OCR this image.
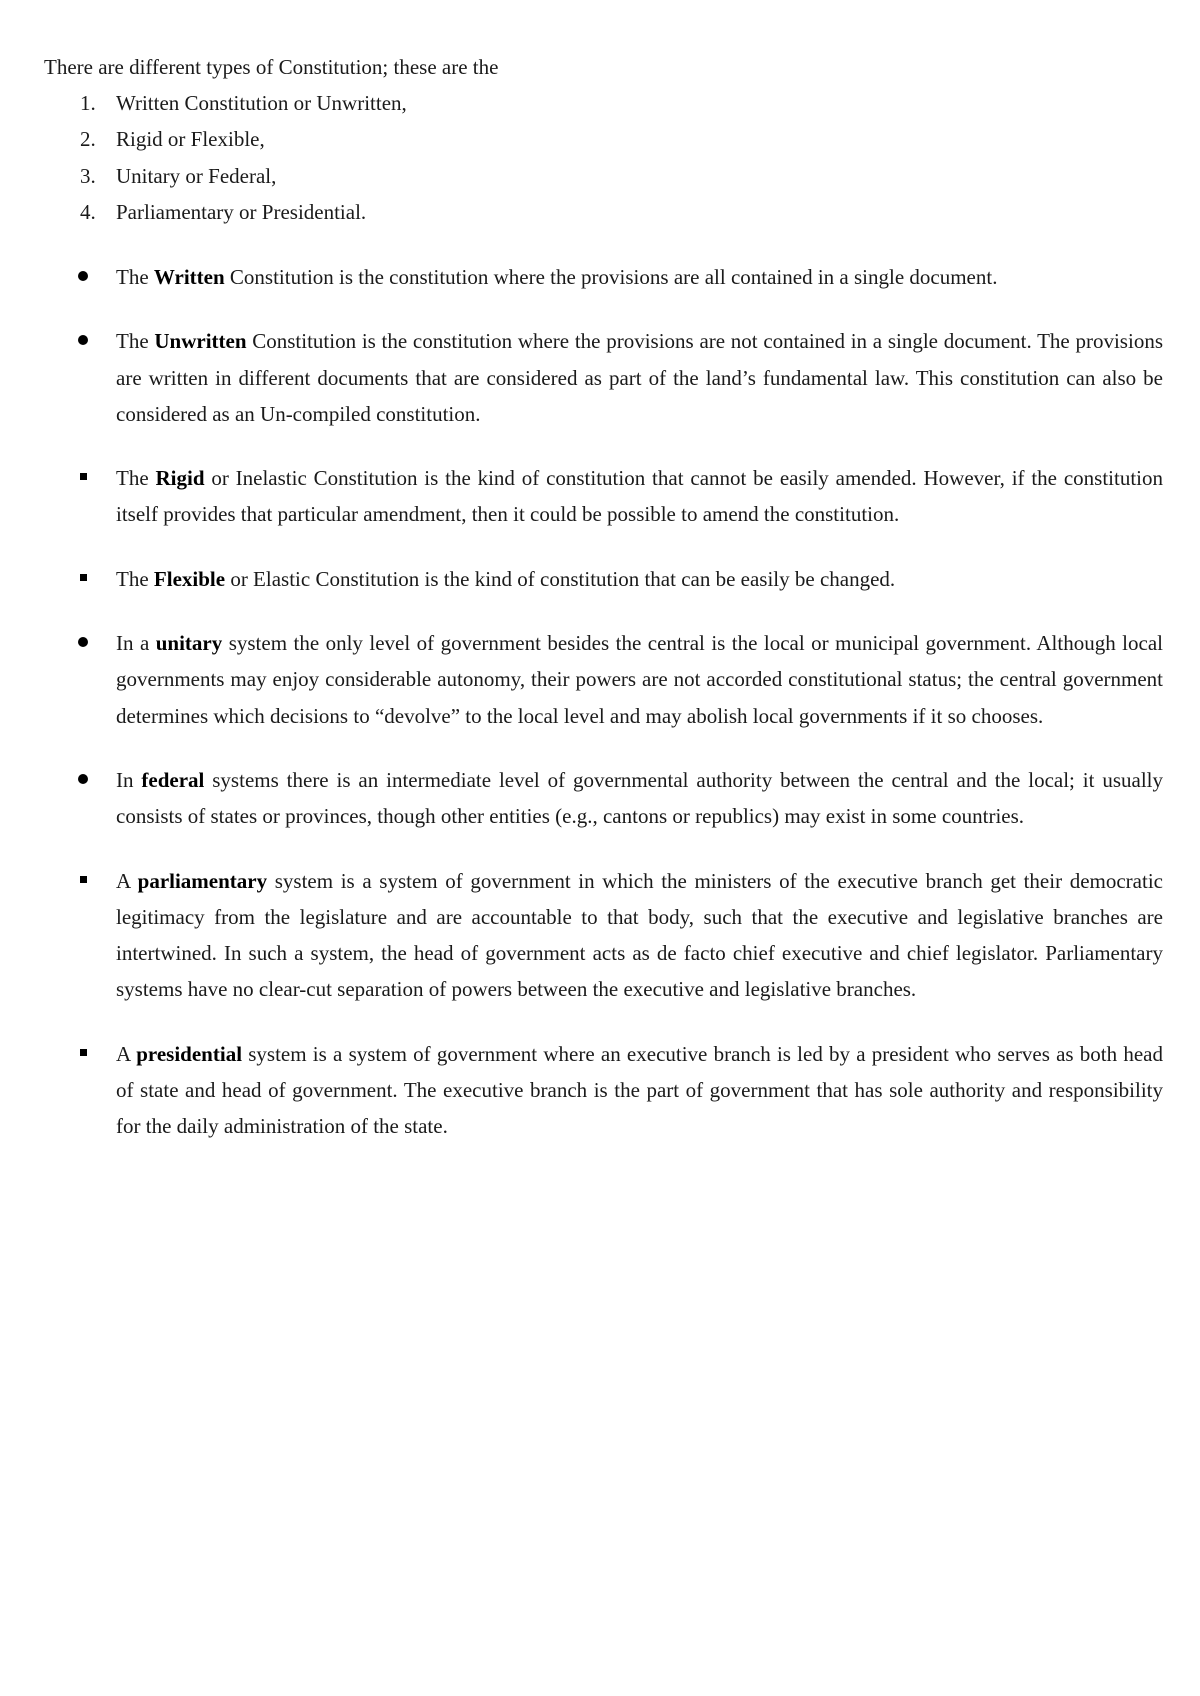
There are different types of Constitution; these are the
1. Written Constitution or Unwritten,
2. Rigid or Flexible,
3. Unitary or Federal,
4. Parliamentary or Presidential.
The Written Constitution is the constitution where the provisions are all contained in a single document.
The Unwritten Constitution is the constitution where the provisions are not contained in a single document. The provisions are written in different documents that are considered as part of the land’s fundamental law. This constitution can also be considered as an Un-compiled constitution.
The Rigid or Inelastic Constitution is the kind of constitution that cannot be easily amended. However, if the constitution itself provides that particular amendment, then it could be possible to amend the constitution.
The Flexible or Elastic Constitution is the kind of constitution that can be easily be changed.
In a unitary system the only level of government besides the central is the local or municipal government. Although local governments may enjoy considerable autonomy, their powers are not accorded constitutional status; the central government determines which decisions to “devolve” to the local level and may abolish local governments if it so chooses.
In federal systems there is an intermediate level of governmental authority between the central and the local; it usually consists of states or provinces, though other entities (e.g., cantons or republics) may exist in some countries.
A parliamentary system is a system of government in which the ministers of the executive branch get their democratic legitimacy from the legislature and are accountable to that body, such that the executive and legislative branches are intertwined. In such a system, the head of government acts as de facto chief executive and chief legislator. Parliamentary systems have no clear-cut separation of powers between the executive and legislative branches.
A presidential system is a system of government where an executive branch is led by a president who serves as both head of state and head of government. The executive branch is the part of government that has sole authority and responsibility for the daily administration of the state.
